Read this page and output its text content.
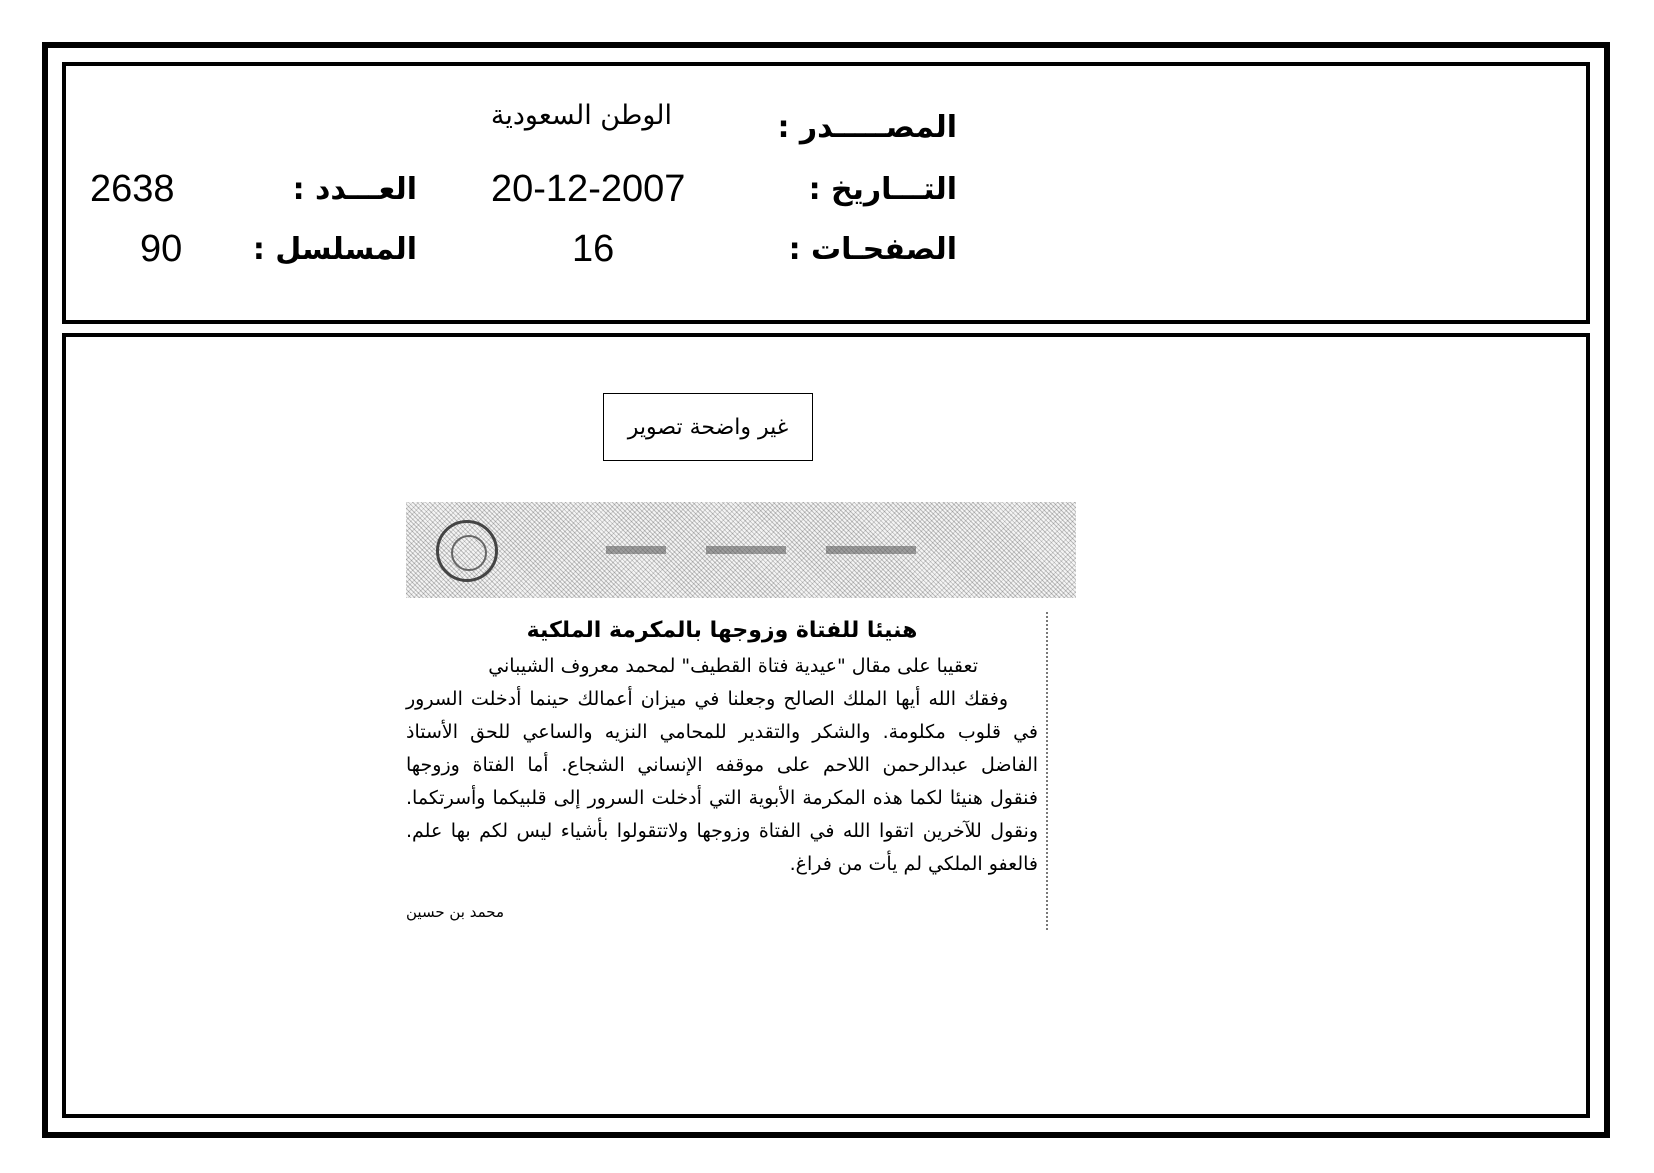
المصـــــدر :
الوطن السعودية
التـــاريخ :
20-12-2007
العـــدد :
2638
الصفحـات :
16
المسلسل :
90
غير واضحة تصوير

هنيئا للفتاة وزوجها بالمكرمة الملكية

تعقيبا على مقال "عيدية فتاة القطيف" لمحمد معروف الشيباني

وفقك الله أيها الملك الصالح وجعلنا في ميزان أعمالك حينما أدخلت السرور

في قلوب مكلومة. والشكر والتقدير للمحامي النزيه والساعي للحق الأستاذ

الفاضل عبدالرحمن اللاحم على موقفه الإنساني الشجاع. أما الفتاة وزوجها

فنقول هنيئا لكما هذه المكرمة الأبوية التي أدخلت السرور إلى قلبيكما وأسرتكما.

ونقول للآخرين اتقوا الله في الفتاة وزوجها ولاتتقولوا بأشياء ليس لكم بها علم.

فالعفو الملكي لم يأت من فراغ.

محمد بن حسين
